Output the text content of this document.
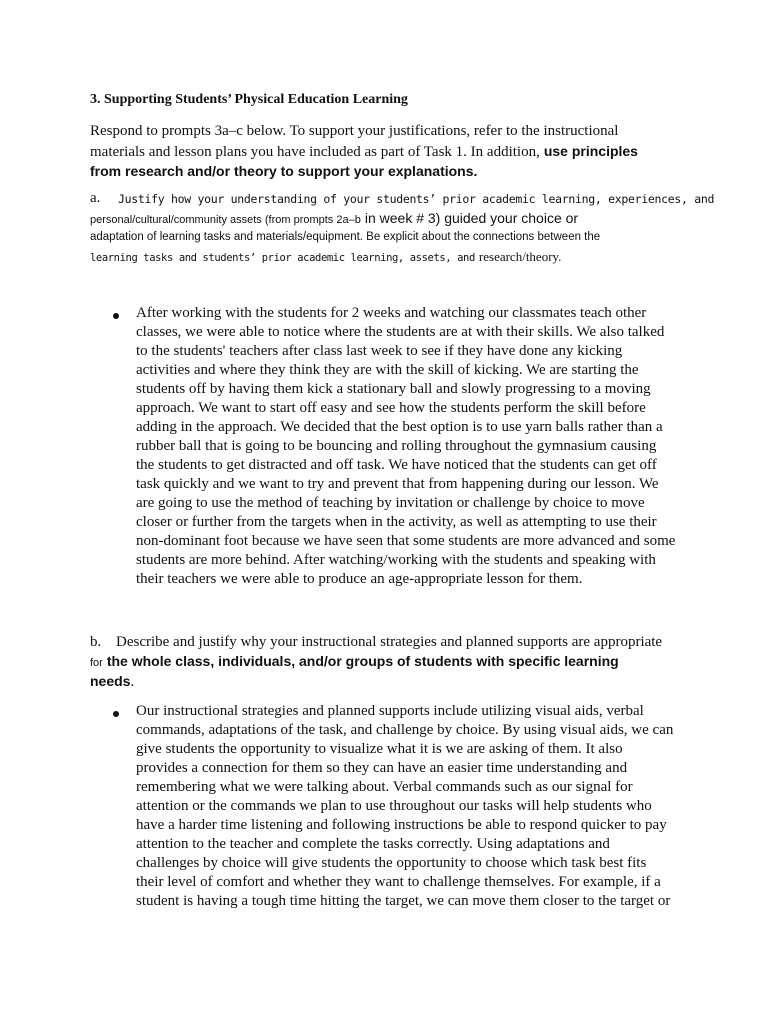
3. Supporting Students’ Physical Education Learning
Respond to prompts 3a–c below. To support your justifications, refer to the instructional
materials and lesson plans you have included as part of Task 1. In addition, use principles
from research and/or theory to support your explanations.
a. Justify how your understanding of your students’ prior academic learning, experiences, and
personal/cultural/community assets (from prompts 2a–b in week # 3) guided your choice or
adaptation of learning tasks and materials/equipment. Be explicit about the connections between the
learning tasks and students’ prior academic learning, assets, and research/theory.
After working with the students for 2 weeks and watching our classmates teach other
classes, we were able to notice where the students are at with their skills. We also talked
to the students' teachers after class last week to see if they have done any kicking
activities and where they think they are with the skill of kicking. We are starting the
students off by having them kick a stationary ball and slowly progressing to a moving
approach. We want to start off easy and see how the students perform the skill before
adding in the approach. We decided that the best option is to use yarn balls rather than a
rubber ball that is going to be bouncing and rolling throughout the gymnasium causing
the students to get distracted and off task. We have noticed that the students can get off
task quickly and we want to try and prevent that from happening during our lesson. We
are going to use the method of teaching by invitation or challenge by choice to move
closer or further from the targets when in the activity, as well as attempting to use their
non-dominant foot because we have seen that some students are more advanced and some
students are more behind. After watching/working with the students and speaking with
their teachers we were able to produce an age-appropriate lesson for them.
b. Describe and justify why your instructional strategies and planned supports are appropriate
for the whole class, individuals, and/or groups of students with specific learning
needs.
Our instructional strategies and planned supports include utilizing visual aids, verbal
commands, adaptations of the task, and challenge by choice. By using visual aids, we can
give students the opportunity to visualize what it is we are asking of them. It also
provides a connection for them so they can have an easier time understanding and
remembering what we were talking about. Verbal commands such as our signal for
attention or the commands we plan to use throughout our tasks will help students who
have a harder time listening and following instructions be able to respond quicker to pay
attention to the teacher and complete the tasks correctly. Using adaptations and
challenges by choice will give students the opportunity to choose which task best fits
their level of comfort and whether they want to challenge themselves. For example, if a
student is having a tough time hitting the target, we can move them closer to the target or
